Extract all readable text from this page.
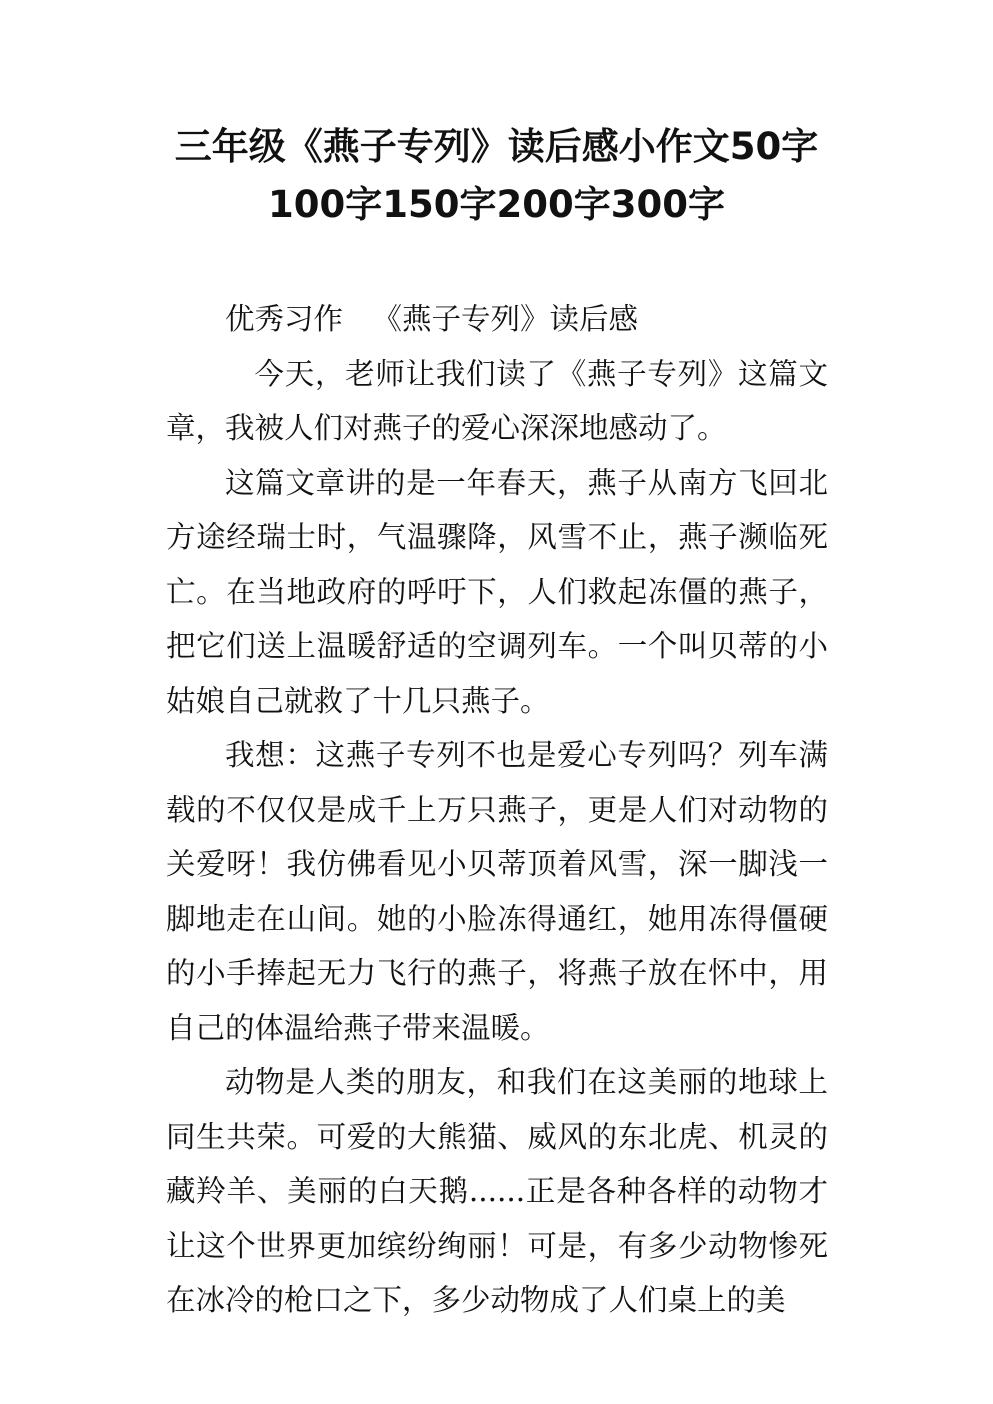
三年级《燕子专列》读后感小作文50字100字150字200字300字

优秀习作 《燕子专列》读后感

今天，老师让我们读了《燕子专列》这篇文章，我被人们对燕子的爱心深深地感动了。

这篇文章讲的是一年春天，燕子从南方飞回北方途经瑞士时，气温骤降，风雪不止，燕子濒临死亡。在当地政府的呼吁下，人们救起冻僵的燕子，把它们送上温暖舒适的空调列车。一个叫贝蒂的小姑娘自己就救了十几只燕子。

我想：这燕子专列不也是爱心专列吗？列车满载的不仅仅是成千上万只燕子，更是人们对动物的关爱呀！我仿佛看见小贝蒂顶着风雪，深一脚浅一脚地走在山间。她的小脸冻得通红，她用冻得僵硬的小手捧起无力飞行的燕子，将燕子放在怀中，用自己的体温给燕子带来温暖。

动物是人类的朋友，和我们在这美丽的地球上同生共荣。可爱的大熊猫、威风的东北虎、机灵的藏羚羊、美丽的白天鹅......正是各种各样的动物才让这个世界更加缤纷绚丽！可是，有多少动物惨死在冰冷的枪口之下，多少动物成了人们桌上的美
